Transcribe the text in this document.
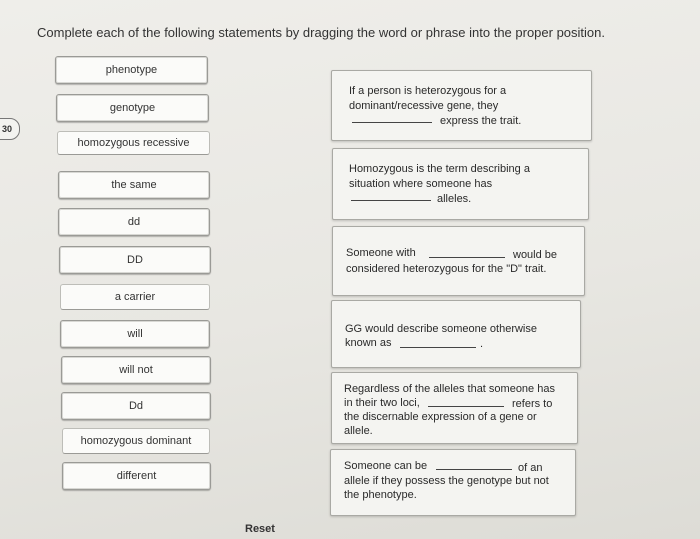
Complete each of the following statements by dragging the word or phrase into the proper position.
30
phenotype
genotype
homozygous recessive
the same
dd
DD
a carrier
will
will not
Dd
homozygous dominant
different
If a person is heterozygous for a
dominant/recessive gene, they
express the trait.
Homozygous is the term describing a
situation where someone has
alleles.
Someone with	would be
considered heterozygous for the "D" trait.
GG would describe someone otherwise
known as	.
Regardless of the alleles that someone has
in their two loci,	refers to
the discernable expression of a gene or
allele.
Someone can be	of an
allele if they possess the genotype but not
the phenotype.
Reset
